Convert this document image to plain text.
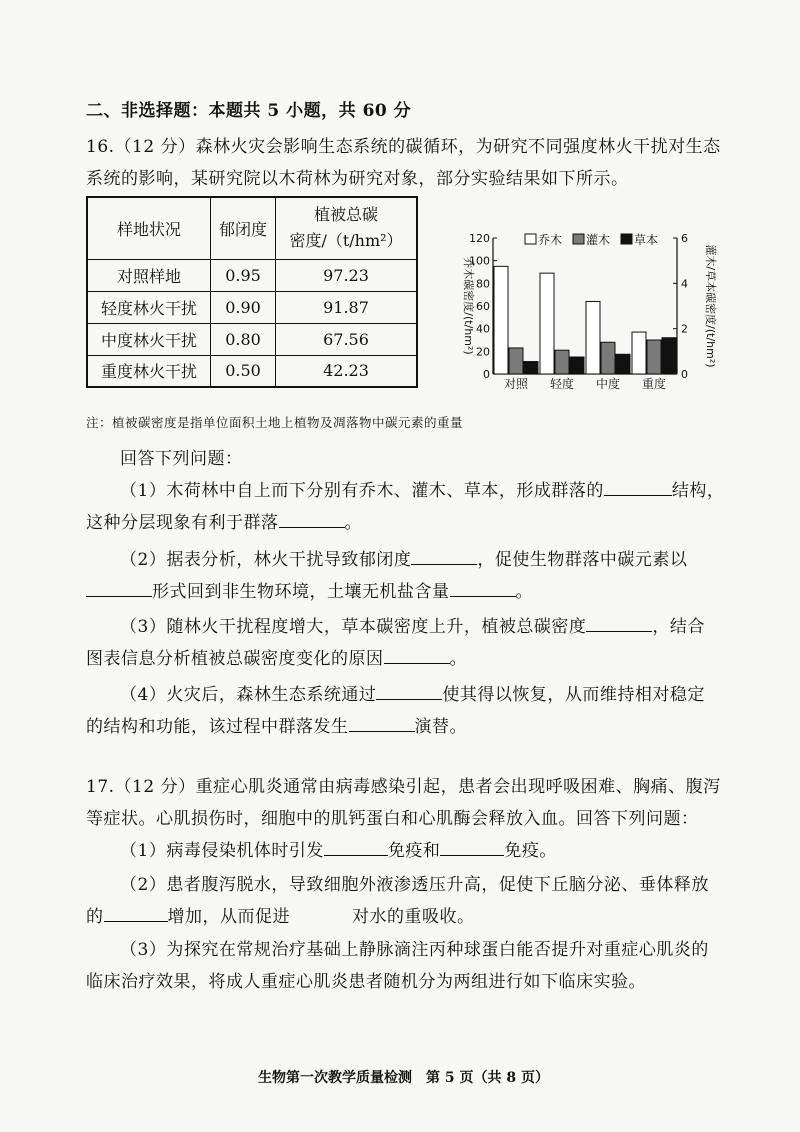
二、非选择题：本题共 5 小题，共 60 分
16.（12 分）森林火灾会影响生态系统的碳循环，为研究不同强度林火干扰对生态
系统的影响，某研究院以木荷林为研究对象，部分实验结果如下所示。
样地状况	郁闭度	植被总碳
密度/（t/hm²）

对照样地	0.95	97.23
轻度林火干扰	0.90	91.87
中度林火干扰	0.80	67.56
重度林火干扰	0.50	42.23	0
20
40
60
80
100
120
0
2
4
6
乔木碳密度/(t/hm²)	灌木/草本碳密度/(t/hm²)
对照 轻度 中度 重度
乔木 灌木 草本
注：植被碳密度是指单位面积土地上植物及凋落物中碳元素的重量
回答下列问题：
（1）木荷林中自上而下分别有乔木、灌木、草本，形成群落的	结构，
这种分层现象有利于群落	。
（2）据表分析，林火干扰导致郁闭度	，促使生物群落中碳元素以
形式回到非生物环境，土壤无机盐含量	。
（3）随林火干扰程度增大，草本碳密度上升，植被总碳密度	，结合
图表信息分析植被总碳密度变化的原因	。
（4）火灾后，森林生态系统通过	使其得以恢复，从而维持相对稳定
的结构和功能，该过程中群落发生	演替。
17.（12 分）重症心肌炎通常由病毒感染引起，患者会出现呼吸困难、胸痛、腹泻
等症状。心肌损伤时，细胞中的肌钙蛋白和心肌酶会释放入血。回答下列问题：
（1）病毒侵染机体时引发	免疫和	免疫。
（2）患者腹泻脱水，导致细胞外液渗透压升高，促使下丘脑分泌、垂体释放
的	增加，从而促进	对水的重吸收。
（3）为探究在常规治疗基础上静脉滴注丙种球蛋白能否提升对重症心肌炎的
临床治疗效果，将成人重症心肌炎患者随机分为两组进行如下临床实验。
生物第一次教学质量检测　第 5 页（共 8 页）
